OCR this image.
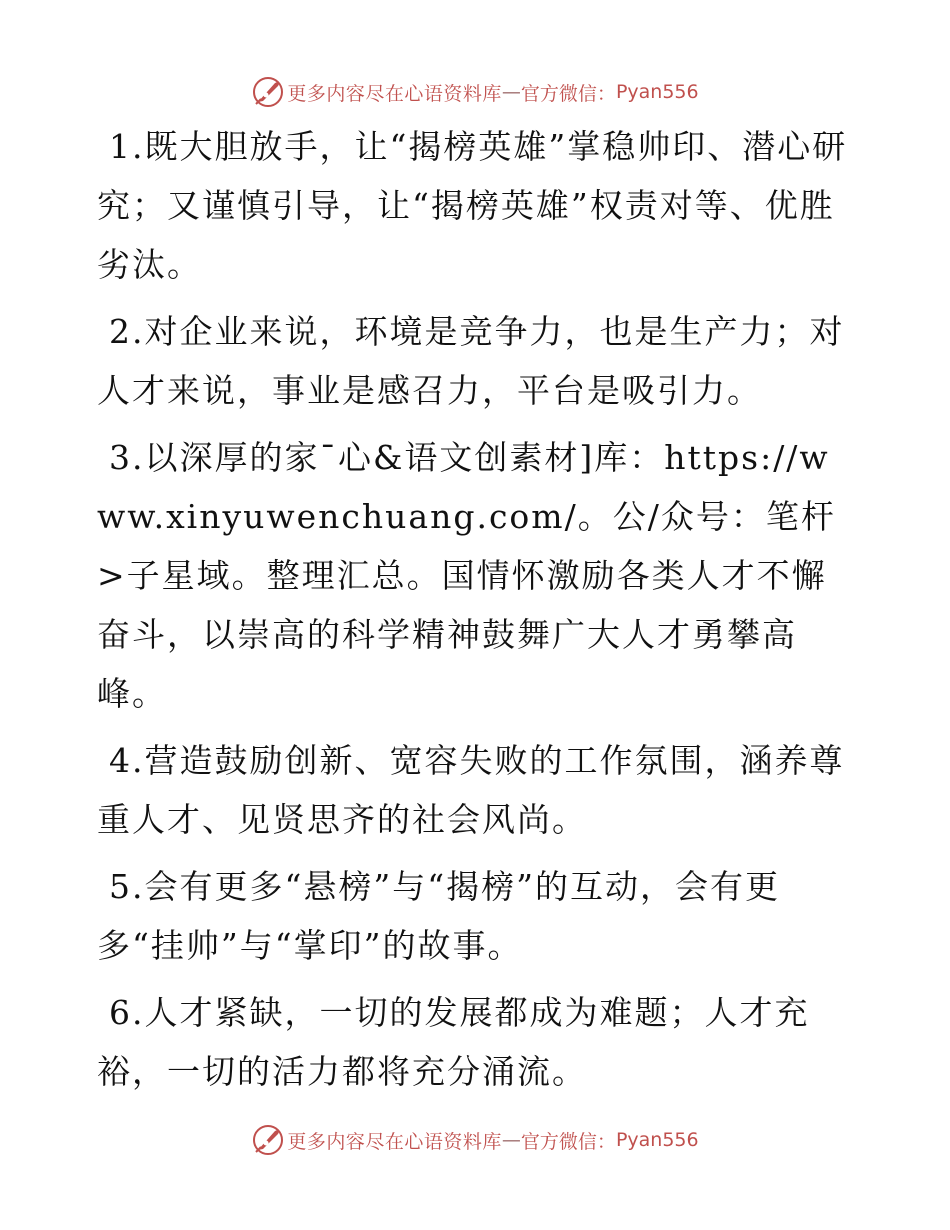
更多内容尽在心语资料库 — 官方微信： Pyan556

1.既大胆放手，让“揭榜英雄”掌稳帅印、潜心研究；又谨慎引导，让“揭榜英雄”权责对等、优胜劣汰。

2.对企业来说，环境是竞争力，也是生产力；对人才来说，事业是感召力，平台是吸引力。

3.以深厚的家¯心&语文创素材]库：https://www.xinyuwenchuang.com/。公/众号：笔杆>子星域。整理汇总。国情怀激励各类人才不懈奋斗，以崇高的科学精神鼓舞广大人才勇攀高峰。

4.营造鼓励创新、宽容失败的工作氛围，涵养尊重人才、见贤思齐的社会风尚。

5.会有更多“悬榜”与“揭榜”的互动，会有更多“挂帅”与“掌印”的故事。

6.人才紧缺，一切的发展都成为难题；人才充裕，一切的活力都将充分涌流。

更多内容尽在心语资料库 — 官方微信： Pyan556
